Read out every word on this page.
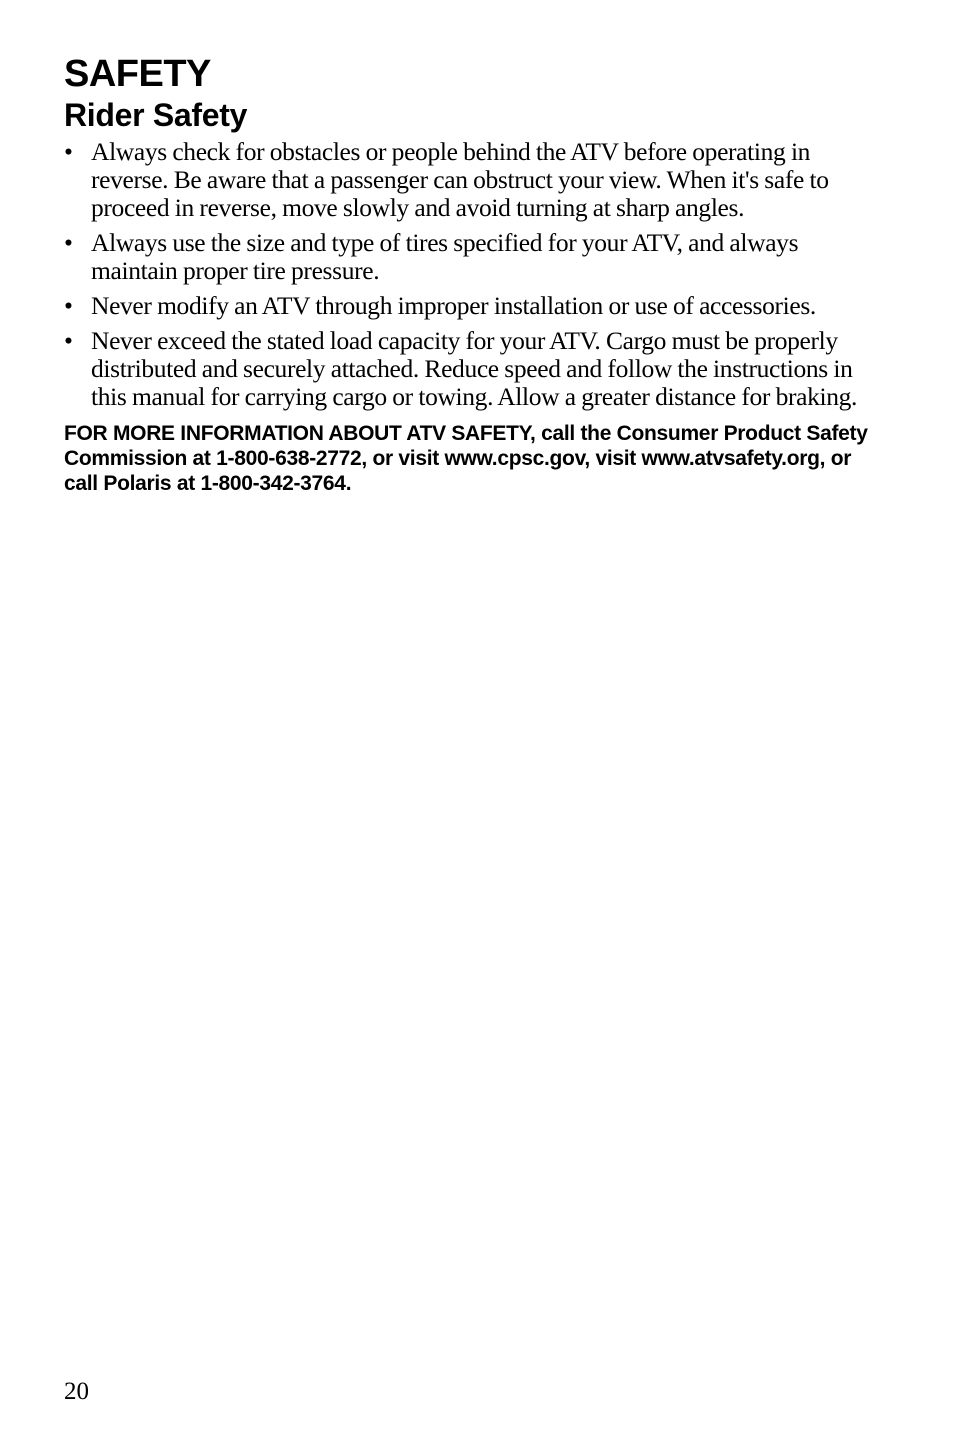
SAFETY
Rider Safety
• Always check for obstacles or people behind the ATV before operating in reverse. Be aware that a passenger can obstruct your view. When it's safe to proceed in reverse, move slowly and avoid turning at sharp angles.
• Always use the size and type of tires specified for your ATV, and always maintain proper tire pressure.
• Never modify an ATV through improper installation or use of accessories.
• Never exceed the stated load capacity for your ATV. Cargo must be properly distributed and securely attached. Reduce speed and follow the instructions in this manual for carrying cargo or towing. Allow a greater distance for braking.

FOR MORE INFORMATION ABOUT ATV SAFETY, call the Consumer Product Safety Commission at 1-800-638-2772, or visit www.cpsc.gov, visit www.atvsafety.org, or call Polaris at 1-800-342-3764.

20
